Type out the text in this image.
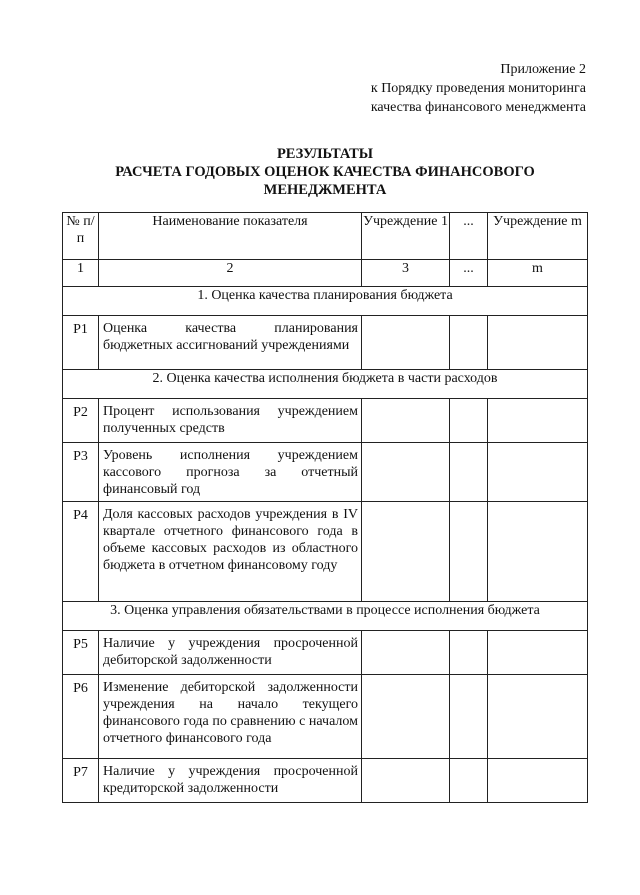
Приложение 2
к Порядку проведения мониторинга
качества финансового менеджмента
РЕЗУЛЬТАТЫ
РАСЧЕТА ГОДОВЫХ ОЦЕНОК КАЧЕСТВА ФИНАНСОВОГО
МЕНЕДЖМЕНТА
№ п/п	Наименование показателя	Учреждение 1	...	Учреждение m
1	2	3	...	m
1. Оценка качества планирования бюджета				
P1	Оценка качества планирования бюджетных ассигнований учреждениями			
2. Оценка качества исполнения бюджета в части расходов				
P2	Процент использования учреждением полученных средств			
P3	Уровень исполнения учреждением кассового прогноза за отчетный финансовый год			
P4	Доля кассовых расходов учреждения в IV квартале отчетного финансового года в объеме кассовых расходов из областного бюджета в отчетном финансовому году			
3. Оценка управления обязательствами в процессе исполнения бюджета				
P5	Наличие у учреждения просроченной дебиторской задолженности			
P6	Изменение дебиторской задолженности учреждения на начало текущего финансового года по сравнению с началом отчетного финансового года			
P7	Наличие у учреждения просроченной кредиторской задолженности			
